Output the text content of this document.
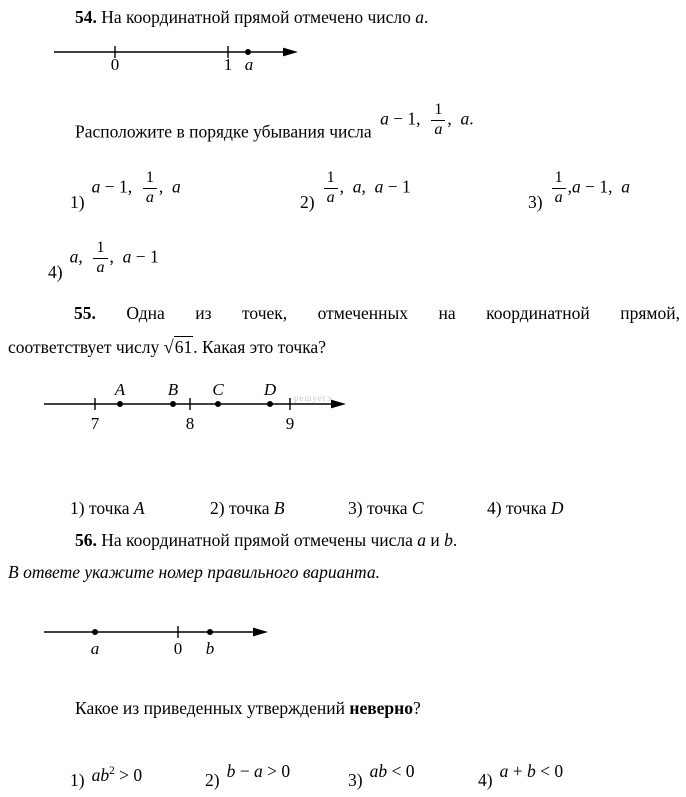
54. На координатной прямой отмечено число a.

0	1 a

Расположите в порядке убывания числа a − 1, $\frac{1}{a}$ ,  a.

1)
a − 1, $\frac{1}{a}$ ,  a
$2) \frac{1}{a}$ ,  a,  a − 1
$3) \frac{1}{a} ,a - 1$,  a
4)
a, $\frac{1}{a}$ ,  a − 1

55. Одна из точек, отмеченных на координатной прямой,

соответствует числу √61. Какая это точка?

A	B C D
7	8	9
решуегэ

1) точка A	2) точка B	3) точка C	4) точка D

56. На координатной прямой отмечены числа a и b.

В ответе укажите номер правильного варианта.

a	0 b

Какое из приведенных утверждений неверно?

1) $ab^2 > 0$	2) b − a > 0	3) ab < 0	4) a + b < 0
